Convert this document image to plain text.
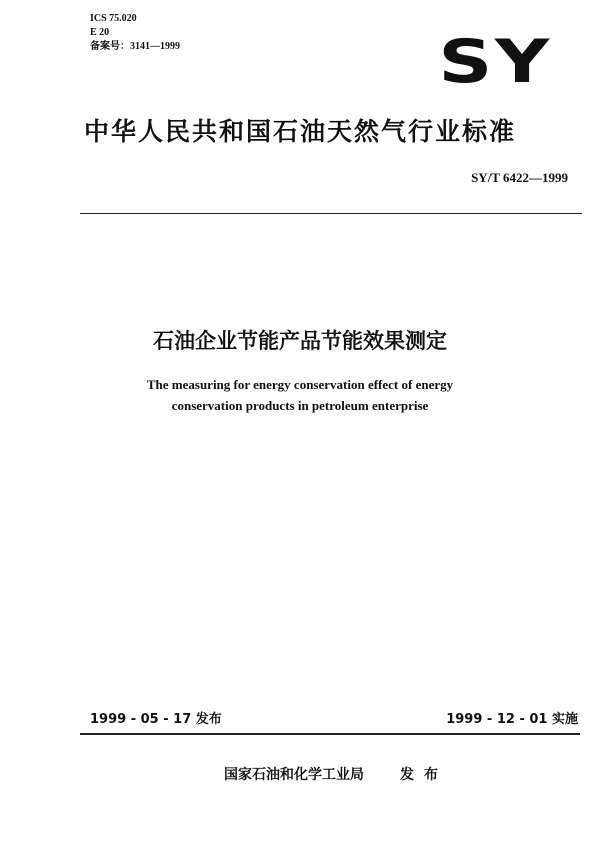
ICS 75.020
E 20
备案号：3141—1999	SY
中华人民共和国石油天然气行业标准
SY/T 6422—1999
石油企业节能产品节能效果测定
The measuring for energy conservation effect of energy
conservation products in petroleum enterprise
1999 - 05 - 17 发布	1999 - 12 - 01 实施
国家石油和化学工业局	发布
